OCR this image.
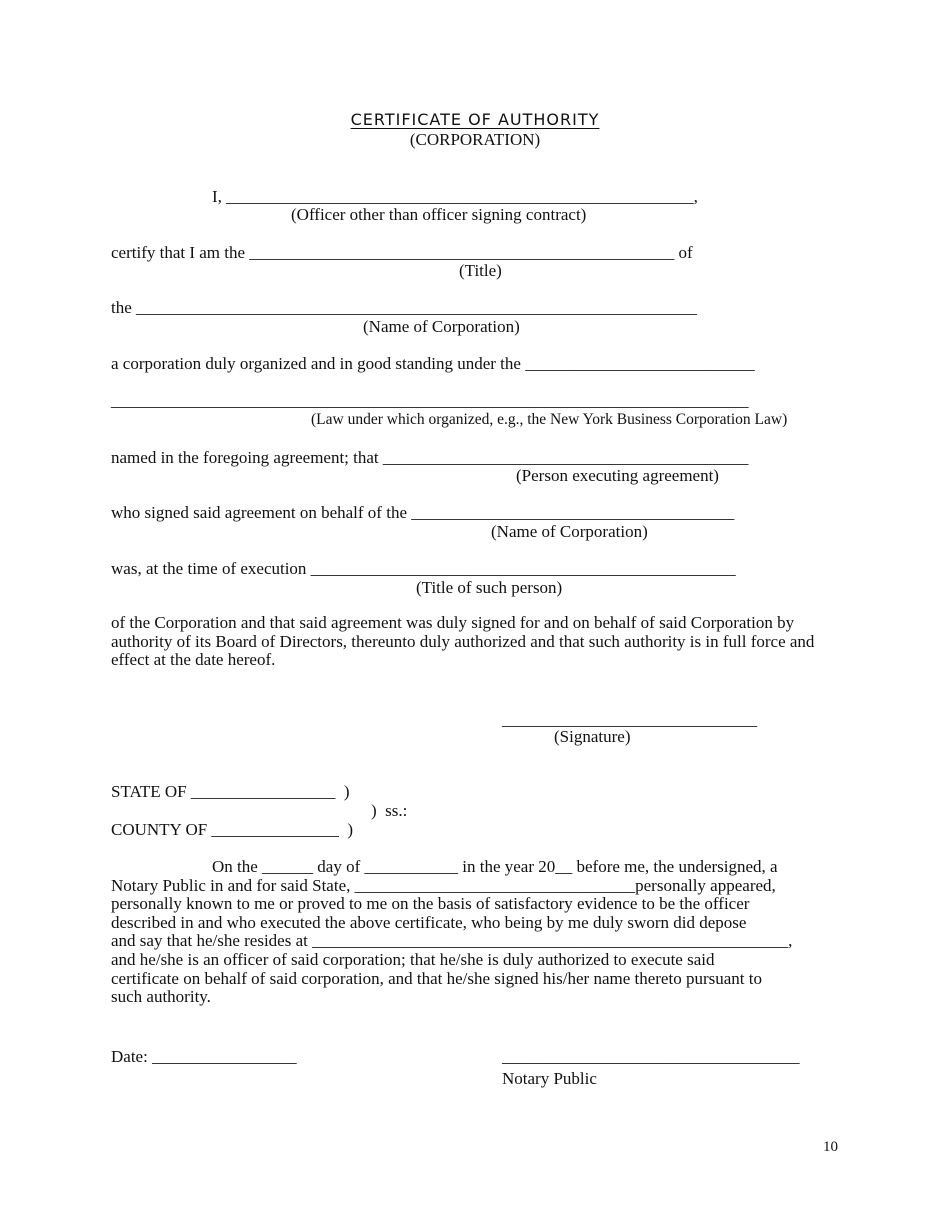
CERTIFICATE OF AUTHORITY
(CORPORATION)
I, _______________________________________________________,
(Officer other than officer signing contract)
certify that I am the __________________________________________________ of
(Title)
the __________________________________________________________________
(Name of Corporation)
a corporation duly organized and in good standing under the ___________________________
___________________________________________________________________________
(Law under which organized, e.g., the New York Business Corporation Law)
named in the foregoing agreement; that ___________________________________________
(Person executing agreement)
who signed said agreement on behalf of the ______________________________________
(Name of Corporation)
was, at the time of execution __________________________________________________
(Title of such person)
of the Corporation and that said agreement was duly signed for and on behalf of said Corporation by authority of its Board of Directors, thereunto duly authorized and that such authority is in full force and effect at the date hereof.
______________________________
(Signature)
STATE OF _________________  )
)  ss.:
COUNTY OF _______________  )
On the ______ day of ___________ in the year 20__ before me, the undersigned, a
Notary Public in and for said State, _________________________________personally appeared,
personally known to me or proved to me on the basis of satisfactory evidence to be the officer
described in and who executed the above certificate, who being by me duly sworn did depose
and say that he/she resides at ________________________________________________________,
and he/she is an officer of said corporation; that he/she is duly authorized to execute said
certificate on behalf of said corporation, and that he/she signed his/her name thereto pursuant to
such authority.
Date: _________________	___________________________________
Notary Public
10
